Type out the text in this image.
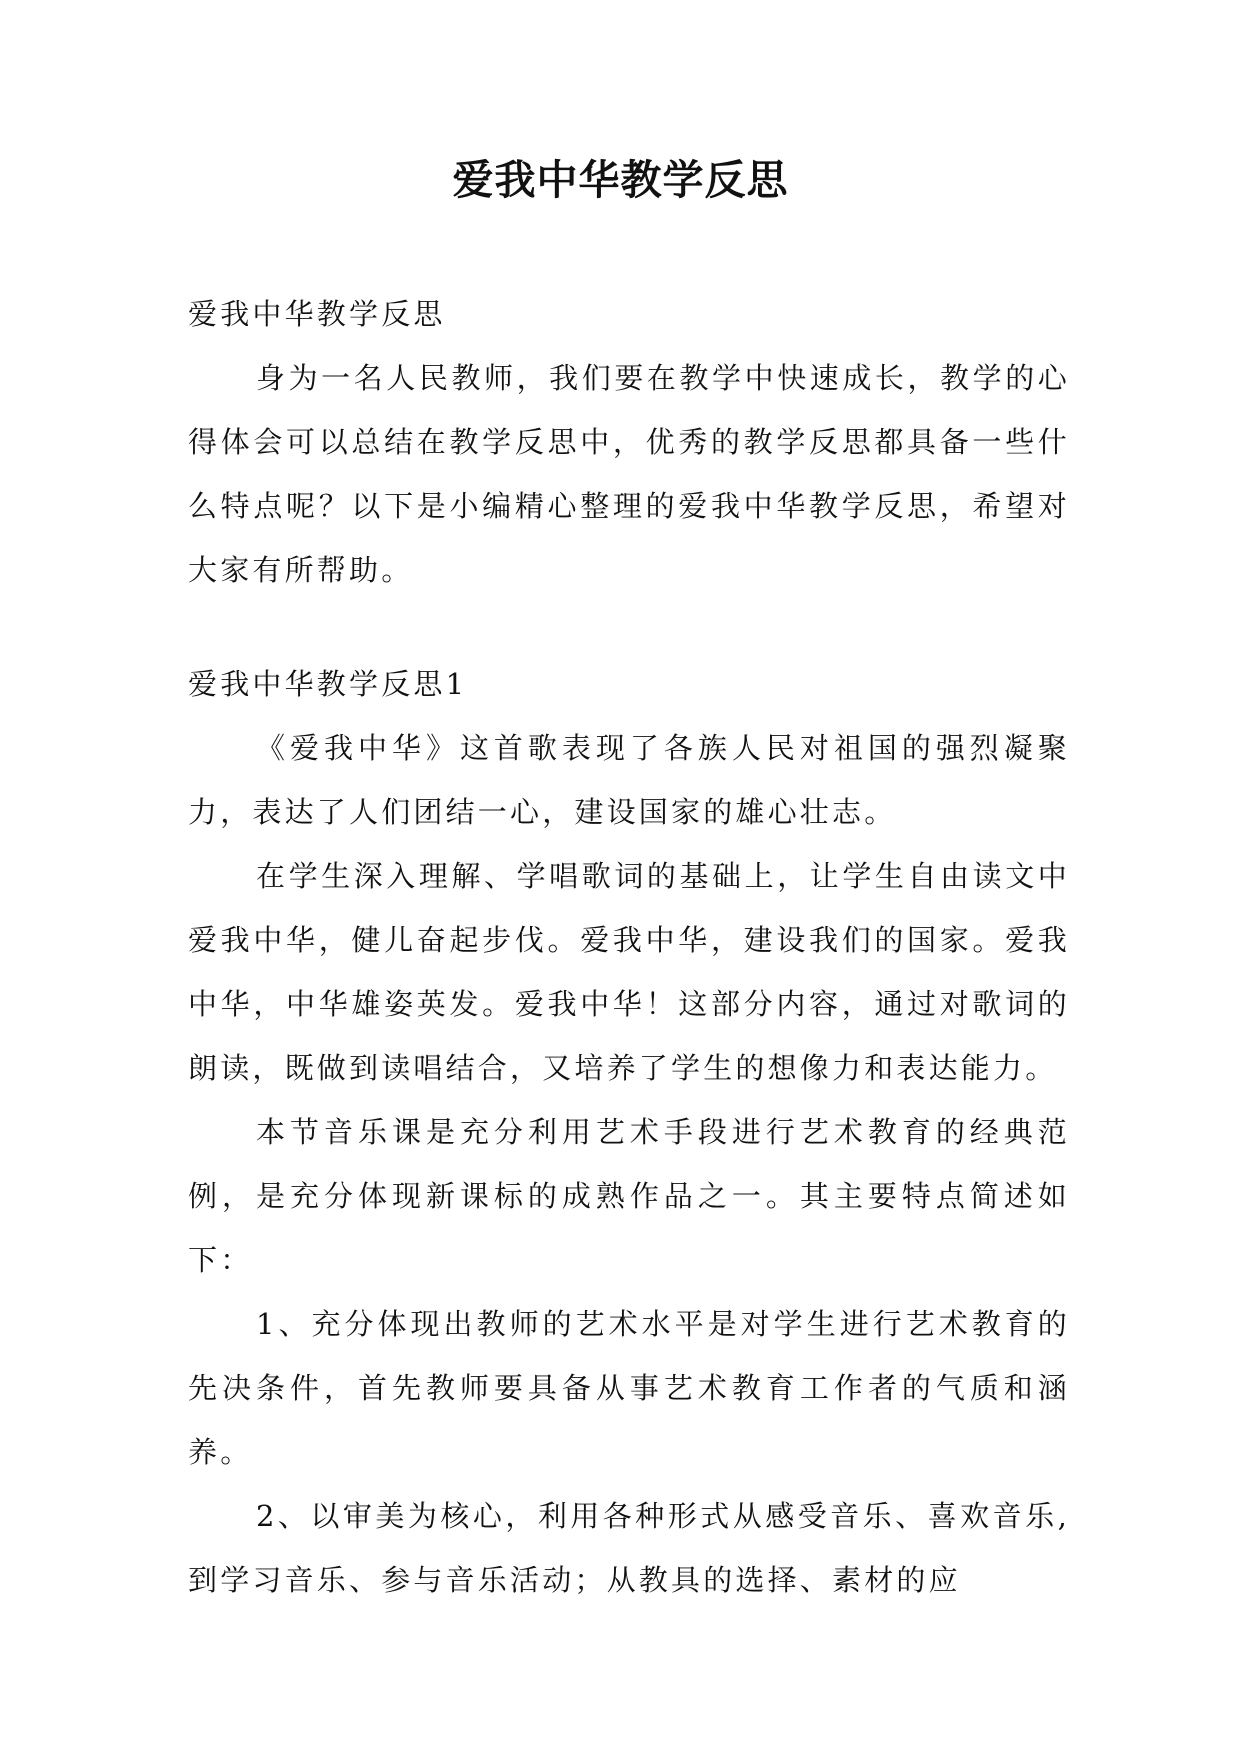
爱我中华教学反思

爱我中华教学反思

身为一名人民教师，我们要在教学中快速成长，教学的心得体会可以总结在教学反思中，优秀的教学反思都具备一些什么特点呢？以下是小编精心整理的爱我中华教学反思，希望对大家有所帮助。

爱我中华教学反思1

《爱我中华》这首歌表现了各族人民对祖国的强烈凝聚力，表达了人们团结一心，建设国家的雄心壮志。

在学生深入理解、学唱歌词的基础上，让学生自由读文中爱我中华，健儿奋起步伐。爱我中华，建设我们的国家。爱我中华，中华雄姿英发。爱我中华！这部分内容，通过对歌词的朗读，既做到读唱结合，又培养了学生的想像力和表达能力。

本节音乐课是充分利用艺术手段进行艺术教育的经典范例，是充分体现新课标的成熟作品之一。其主要特点简述如下：

1、充分体现出教师的艺术水平是对学生进行艺术教育的先决条件，首先教师要具备从事艺术教育工作者的气质和涵养。

2、以审美为核心，利用各种形式从感受音乐、喜欢音乐,到学习音乐、参与音乐活动；从教具的选择、素材的应
